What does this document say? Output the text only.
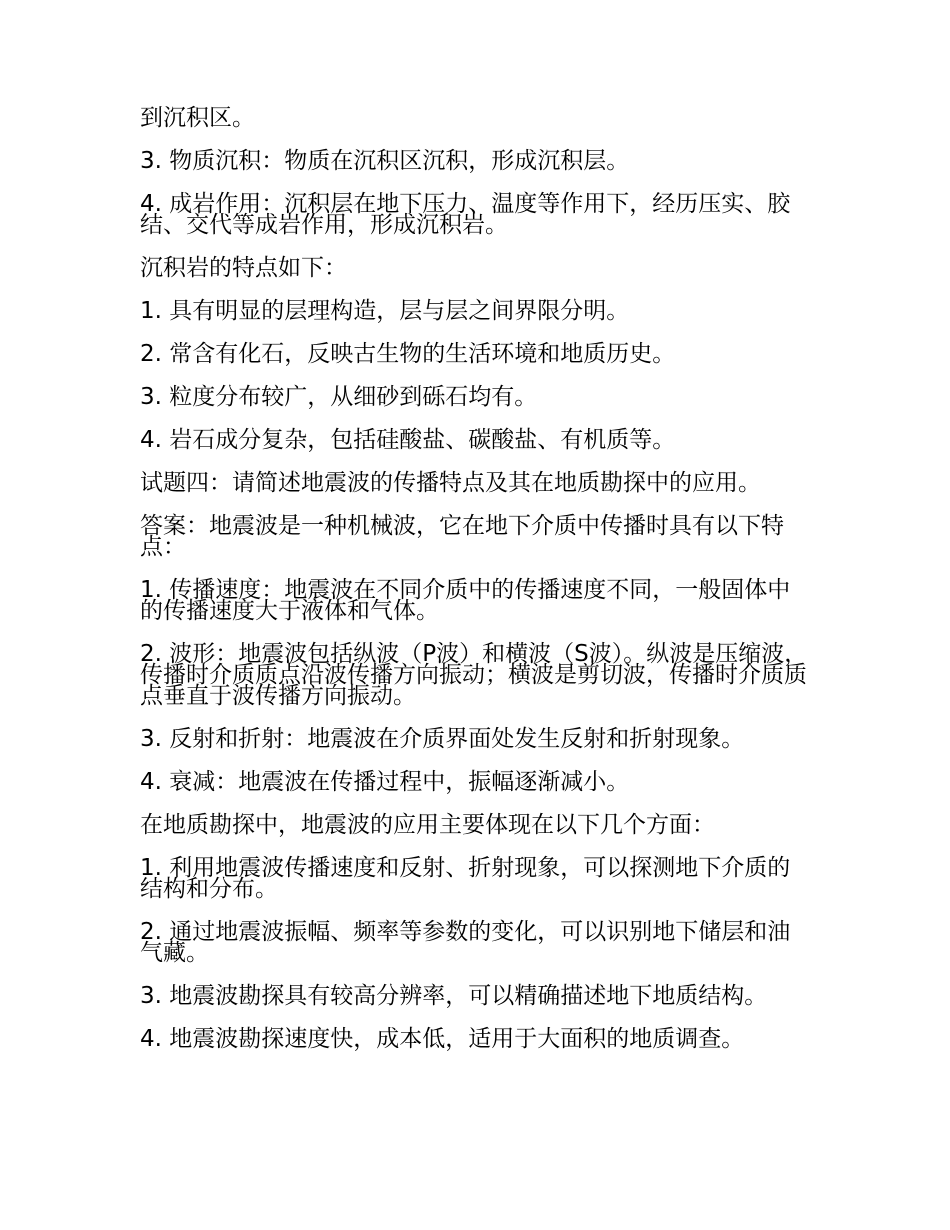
到沉积区。

3. 物质沉积：物质在沉积区沉积，形成沉积层。

4. 成岩作用：沉积层在地下压力、温度等作用下，经历压实、胶结、交代等成岩作用，形成沉积岩。

沉积岩的特点如下：

1. 具有明显的层理构造，层与层之间界限分明。

2. 常含有化石，反映古生物的生活环境和地质历史。

3. 粒度分布较广，从细砂到砾石均有。

4. 岩石成分复杂，包括硅酸盐、碳酸盐、有机质等。

试题四：请简述地震波的传播特点及其在地质勘探中的应用。

答案：地震波是一种机械波，它在地下介质中传播时具有以下特点：

1. 传播速度：地震波在不同介质中的传播速度不同，一般固体中的传播速度大于液体和气体。

2. 波形：地震波包括纵波（P波）和横波（S波）。纵波是压缩波，传播时介质质点沿波传播方向振动；横波是剪切波，传播时介质质点垂直于波传播方向振动。

3. 反射和折射：地震波在介质界面处发生反射和折射现象。

4. 衰减：地震波在传播过程中，振幅逐渐减小。

在地质勘探中，地震波的应用主要体现在以下几个方面：

1. 利用地震波传播速度和反射、折射现象，可以探测地下介质的结构和分布。

2. 通过地震波振幅、频率等参数的变化，可以识别地下储层和油气藏。

3. 地震波勘探具有较高分辨率，可以精确描述地下地质结构。

4. 地震波勘探速度快，成本低，适用于大面积的地质调查。
